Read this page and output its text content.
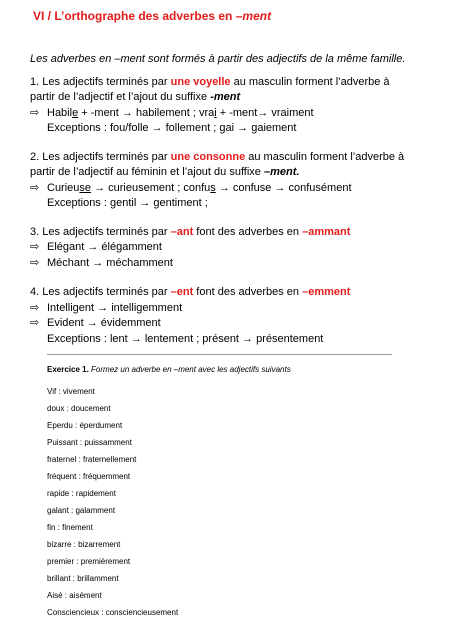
VI / L’orthographe des adverbes en –ment
Les adverbes en –ment sont formés à partir des adjectifs de la même famille.
1. Les adjectifs terminés par une voyelle au masculin forment l’adverbe à
partir de l’adjectif et l’ajout du suffixe -ment
⇨ Habile + -ment → habilement ; vrai + -ment→ vraiment
Exceptions : fou/folle → follement ; gai → gaiement
2. Les adjectifs terminés par une consonne au masculin forment l’adverbe à
partir de l’adjectif au féminin et l’ajout du suffixe –ment.
⇨ Curieuse → curieusement ; confus → confuse → confusément
Exceptions : gentil → gentiment ;
3. Les adjectifs terminés par –ant font des adverbes en –ammant
⇨ Elégant → élégamment
⇨ Méchant → méchamment
4. Les adjectifs terminés par –ent font des adverbes en –emment
⇨ Intelligent → intelligemment
⇨ Evident → évidemment
Exceptions : lent → lentement ; présent → présentement
Exercice 1. Formez un adverbe en –ment avec les adjectifs suivants
Vif : vivement
doux : doucement
Eperdu : éperdument
Puissant : puissamment
fraternel : fraternellement
fréquent : fréquemment
rapide : rapidement
galant : galamment
fin : finement
bizarre : bizarrement
premier : premièrement
brillant : brillamment
Aisé : aisément
Consciencieux : consciencieusement
